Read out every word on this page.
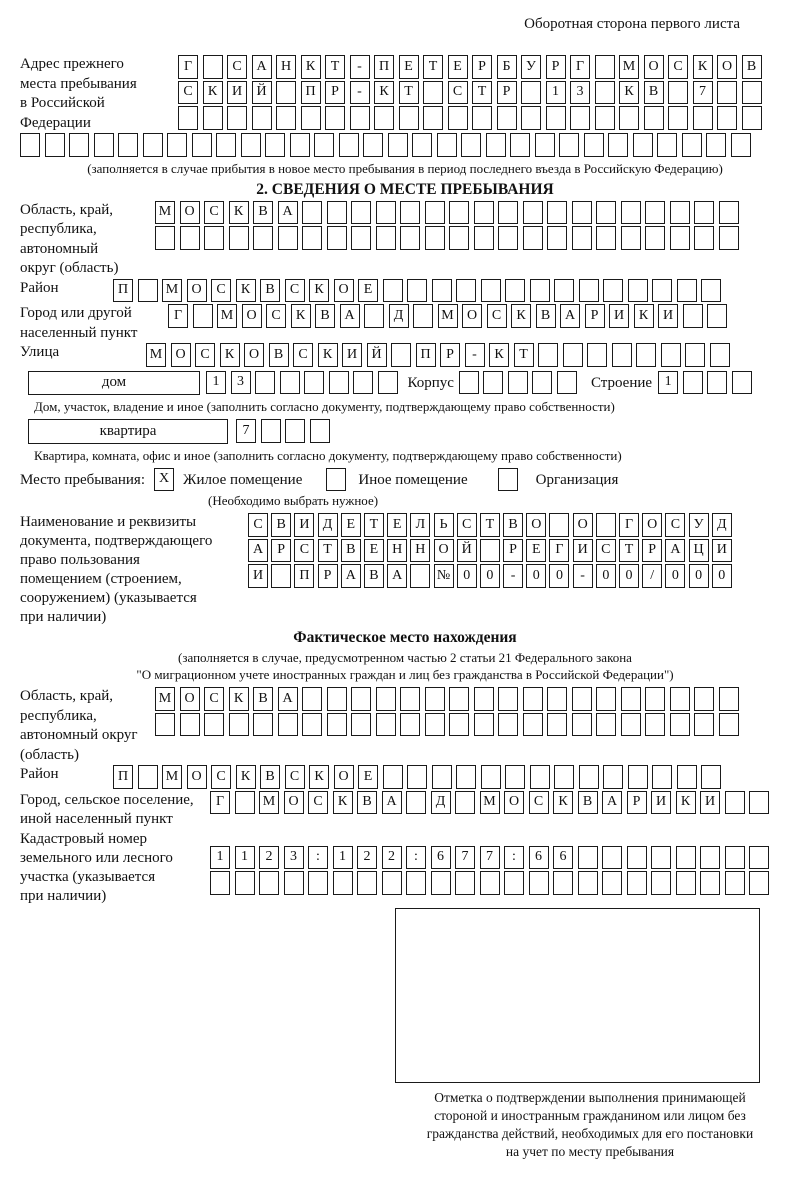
Оборотная сторона первого листа
Адрес прежнего
места пребывания
в Российской
Федерации
Г	С	А	Н	К	Т	-	П	Е	Т	Е	Р	Б	У	Р	Г	М О	С	К	О	В
С	К	И	Й	П	Р	-	К	Т	С	Т	Р	1	3	К	В	7
(заполняется в случае прибытия в новое место пребывания в период последнего въезда в Российскую Федерацию)
2. СВЕДЕНИЯ О МЕСТЕ ПРЕБЫВАНИЯ
Область, край,
республика,
автономный
округ (область)
М О	С	К	В	А
Район	П	М О	С	К	В	С	К	О	Е
Город или другой
населенный пункт
Г	М О	С	К	В	А	Д	М О	С	К	В	А	Р	И	К	И
Улица	М О	С	К	О	В	С	К	И	Й	П	Р	-	К	Т
дом	1	3	Корпус	Строение 1
Дом, участок, владение и иное (заполнить согласно документу, подтверждающему право собственности)
квартира	7
Квартира, комната, офис и иное (заполнить согласно документу, подтверждающему право собственности)
Место пребывания: X Жилое помещение	Иное помещение	Организация
(Необходимо выбрать нужное)
Наименование и реквизиты
документа, подтверждающего
право пользования
помещением (строением,
сооружением) (указывается
при наличии)
С В И Д	Е	Т	Е	Л	Ь	С	Т	В О	О	Г	О С У Д
А	Р	С	Т	В	Е Н Н О Й	Р	Е	Г	И С	Т	Р	А Ц И
И	П	Р	А В А	№ 0	0	-	0	0	-	0	0	/	0	0	0
Фактическое место нахождения
(заполняется в случае, предусмотренном частью 2 статьи 21 Федерального закона
"О миграционном учете иностранных граждан и лиц без гражданства в Российской Федерации")
Область, край,
республика,
автономный округ
(область)
М О	С	К	В	А
Район	П	М О	С	К	В	С	К	О	Е
Город, сельское поселение,
иной населенный пункт
Г	М О	С	К	В	А	Д	М О	С	К	В	А	Р	И	К	И
Кадастровый номер
земельного или лесного
участка (указывается
при наличии)
1	1	2	3	:	1	2	2	:	6	7	7	:	6	6
Отметка о подтверждении выполнения принимающей
стороной и иностранным гражданином или лицом без
гражданства действий, необходимых для его постановки
на учет по месту пребывания
